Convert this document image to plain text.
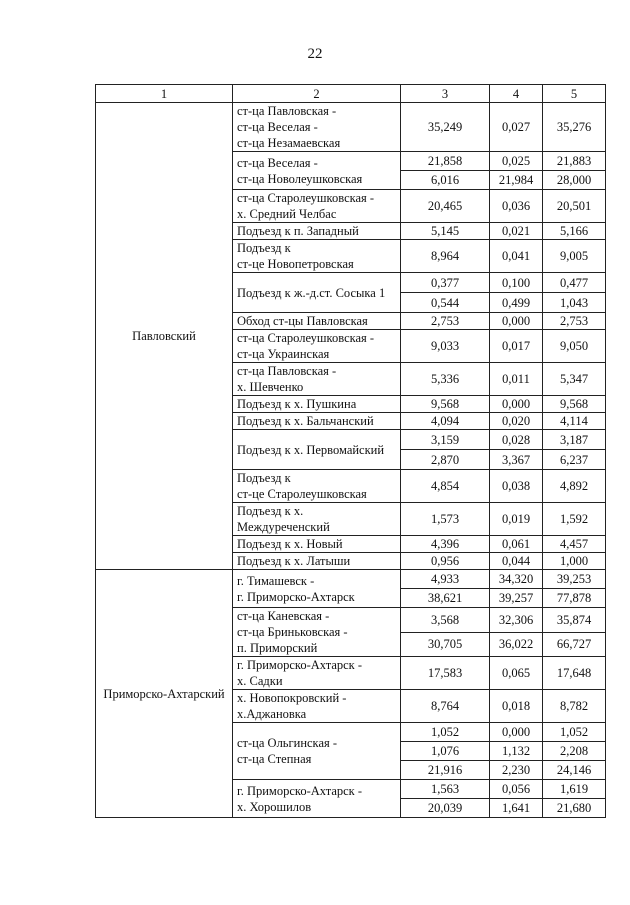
22
1	2	3	4	5
Павловский	ст-ца Павловская -
ст-ца Веселая -
ст-ца Незамаевская	35,249	0,027	35,276

	ст-ца Веселая -
ст-ца Новолеушковская	21,858	0,025	21,883
		6,016	21,984	28,000

	ст-ца Старолеушковская -
х. Средний Челбас	20,465	0,036	20,501

	Подъезд к п. Западный	5,145	0,021	5,166

	Подъезд к
ст-це Новопетровская	8,964	0,041	9,005

	Подъезд к ж.-д.ст. Сосыка 1	0,377	0,100	0,477
		0,544	0,499	1,043

	Обход ст-цы Павловская	2,753	0,000	2,753

	ст-ца Старолеушковская -
ст-ца Украинская	9,033	0,017	9,050

	ст-ца Павловская -
х. Шевченко	5,336	0,011	5,347

	Подъезд к х. Пушкина	9,568	0,000	9,568

	Подъезд к х. Бальчанский	4,094	0,020	4,114

	Подъезд к х. Первомайский	3,159	0,028	3,187
		2,870	3,367	6,237

	Подъезд к
ст-це Старолеушковская	4,854	0,038	4,892

	Подъезд к х.
Междуреченский	1,573	0,019	1,592

	Подъезд к х. Новый	4,396	0,061	4,457

	Подъезд к х. Латыши	0,956	0,044	1,000
Приморско-Ахтарский	г. Тимашевск -
г. Приморско-Ахтарск	4,933	34,320	39,253
		38,621	39,257	77,878

	ст-ца Каневская -
ст-ца Бриньковская -
п. Приморский	3,568	32,306	35,874
		30,705	36,022	66,727

	г. Приморско-Ахтарск -
х. Садки	17,583	0,065	17,648

	х. Новопокровский -
х.Аджановка	8,764	0,018	8,782

	ст-ца Ольгинская -
ст-ца Степная	1,052	0,000	1,052
		1,076	1,132	2,208
		21,916	2,230	24,146

	г. Приморско-Ахтарск -
х. Хорошилов	1,563	0,056	1,619
		20,039	1,641	21,680
